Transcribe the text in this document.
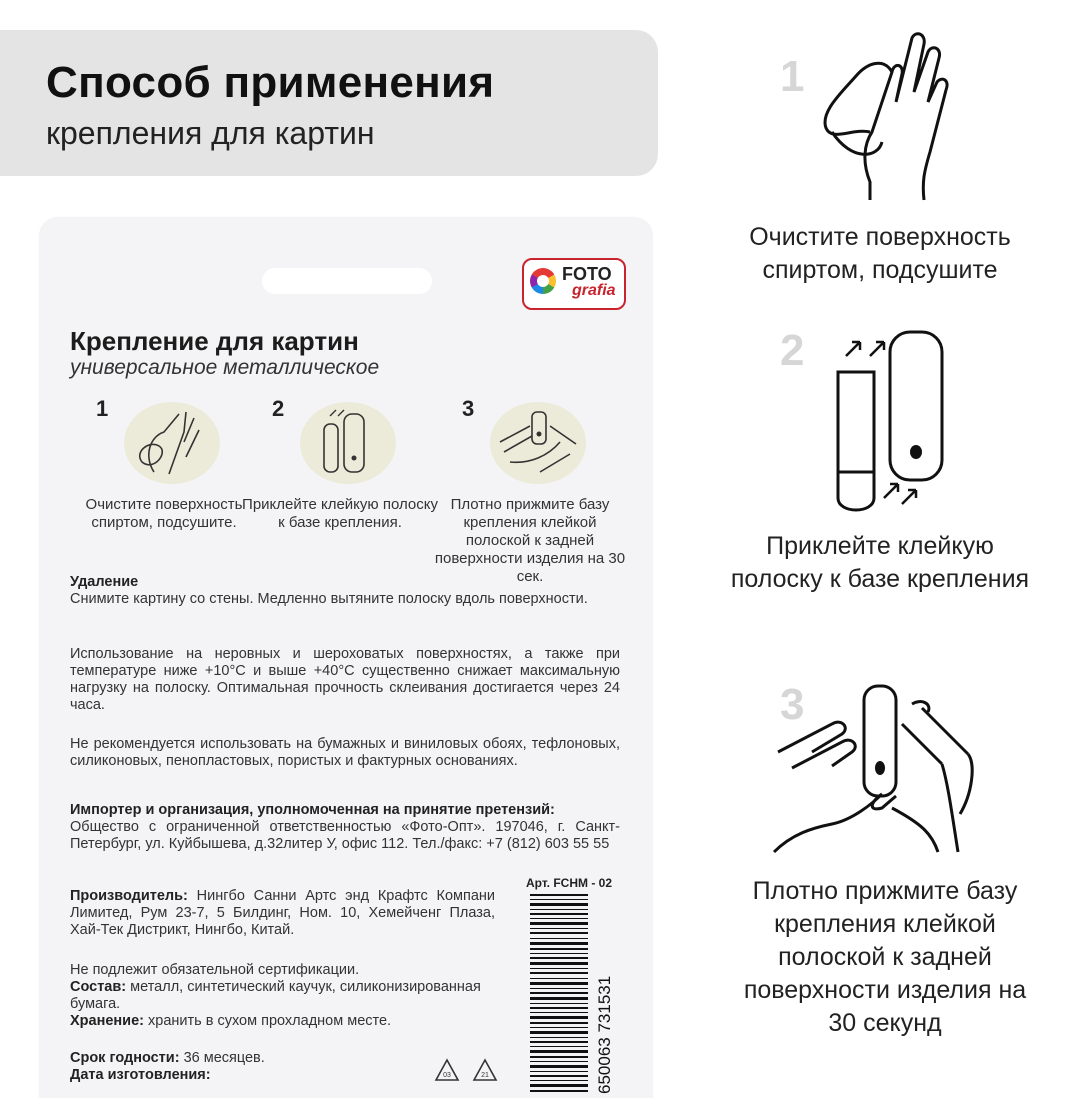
Способ применения
крепления для картин
FOTO
grafia
Крепление для картин
универсальное металлическое
1
Очистите поверхность спиртом, подсушите.
2
Приклейте клейкую полоску к базе крепления.
3
Плотно прижмите базу крепления клейкой полоской к задней поверхности изделия на 30 сек.
Удаление
Снимите картину со стены. Медленно вытяните полоску вдоль поверхности.
Использование на неровных и шероховатых поверхностях, а также при температуре ниже +10°С и выше +40°С существенно снижает максимальную нагрузку на полоску. Оптимальная прочность склеивания достигается через 24 часа.
Не рекомендуется использовать на бумажных и виниловых обоях, тефлоновых, силиконовых, пенопластовых, пористых и фактурных основаниях.
Импортер и организация, уполномоченная на принятие претензий:
Общество с ограниченной ответственностью «Фото-Опт». 197046, г. Санкт-Петербург, ул. Куйбышева, д.32литер У, офис 112. Тел./факс: +7 (812) 603 55 55
Производитель: Нингбо Санни Артс энд Крафтс Компани Лимитед, Рум 23-7, 5 Билдинг, Ном. 10, Хемейченг Плаза, Хай-Тек Дистрикт, Нингбо, Китай.
Не подлежит обязательной сертификации.
Состав: металл, синтетический каучук, силиконизированная бумага.
Хранение: хранить в сухом прохладном месте.
Срок годности: 36 месяцев.
Дата изготовления:	03	21
Арт. FCHM - 02
650063 731531
1
Очистите поверхность спиртом, подсушите
2
Приклейте клейкую полоску к базе крепления
3
Плотно прижмите базу крепления клейкой полоской к задней поверхности изделия на 30 секунд
